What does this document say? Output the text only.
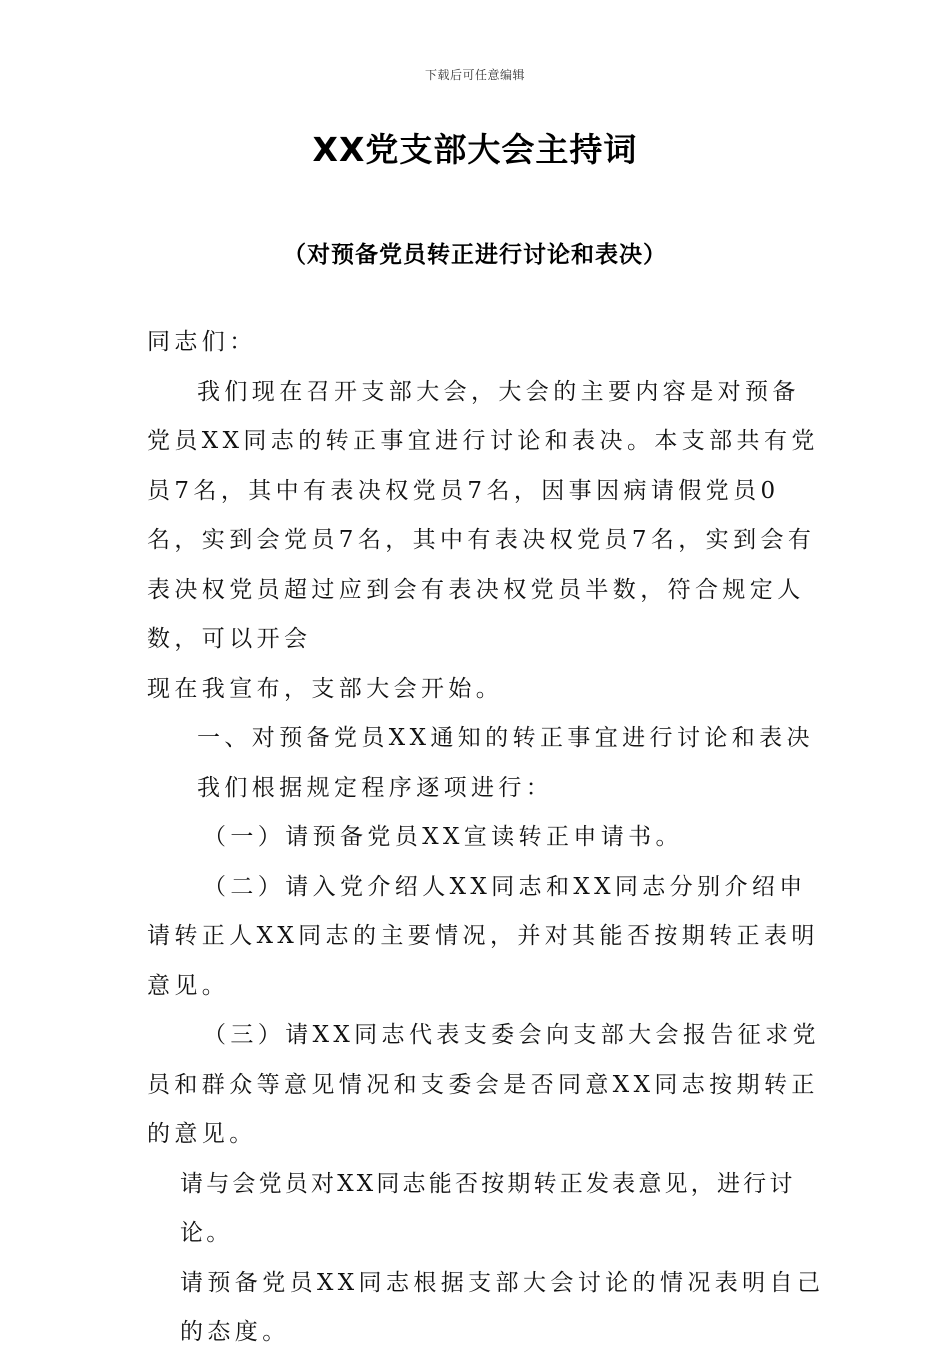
下载后可任意编辑
XX党支部大会主持词
（对预备党员转正进行讨论和表决）

同志们：

我们现在召开支部大会，大会的主要内容是对预备党员XX同志的转正事宜进行讨论和表决。本支部共有党员7名，其中有表决权党员7名，因事因病请假党员0名，实到会党员7名，其中有表决权党员7名，实到会有表决权党员超过应到会有表决权党员半数，符合规定人数，可以开会

现在我宣布，支部大会开始。

一、对预备党员XX通知的转正事宜进行讨论和表决

我们根据规定程序逐项进行：

（一）请预备党员XX宣读转正申请书。

（二）请入党介绍人XX同志和XX同志分别介绍申请转正人XX同志的主要情况，并对其能否按期转正表明意见。

（三）请XX同志代表支委会向支部大会报告征求党员和群众等意见情况和支委会是否同意XX同志按期转正的意见。

请与会党员对XX同志能否按期转正发表意见，进行讨论。

请预备党员XX同志根据支部大会讨论的情况表明自己的态度。
